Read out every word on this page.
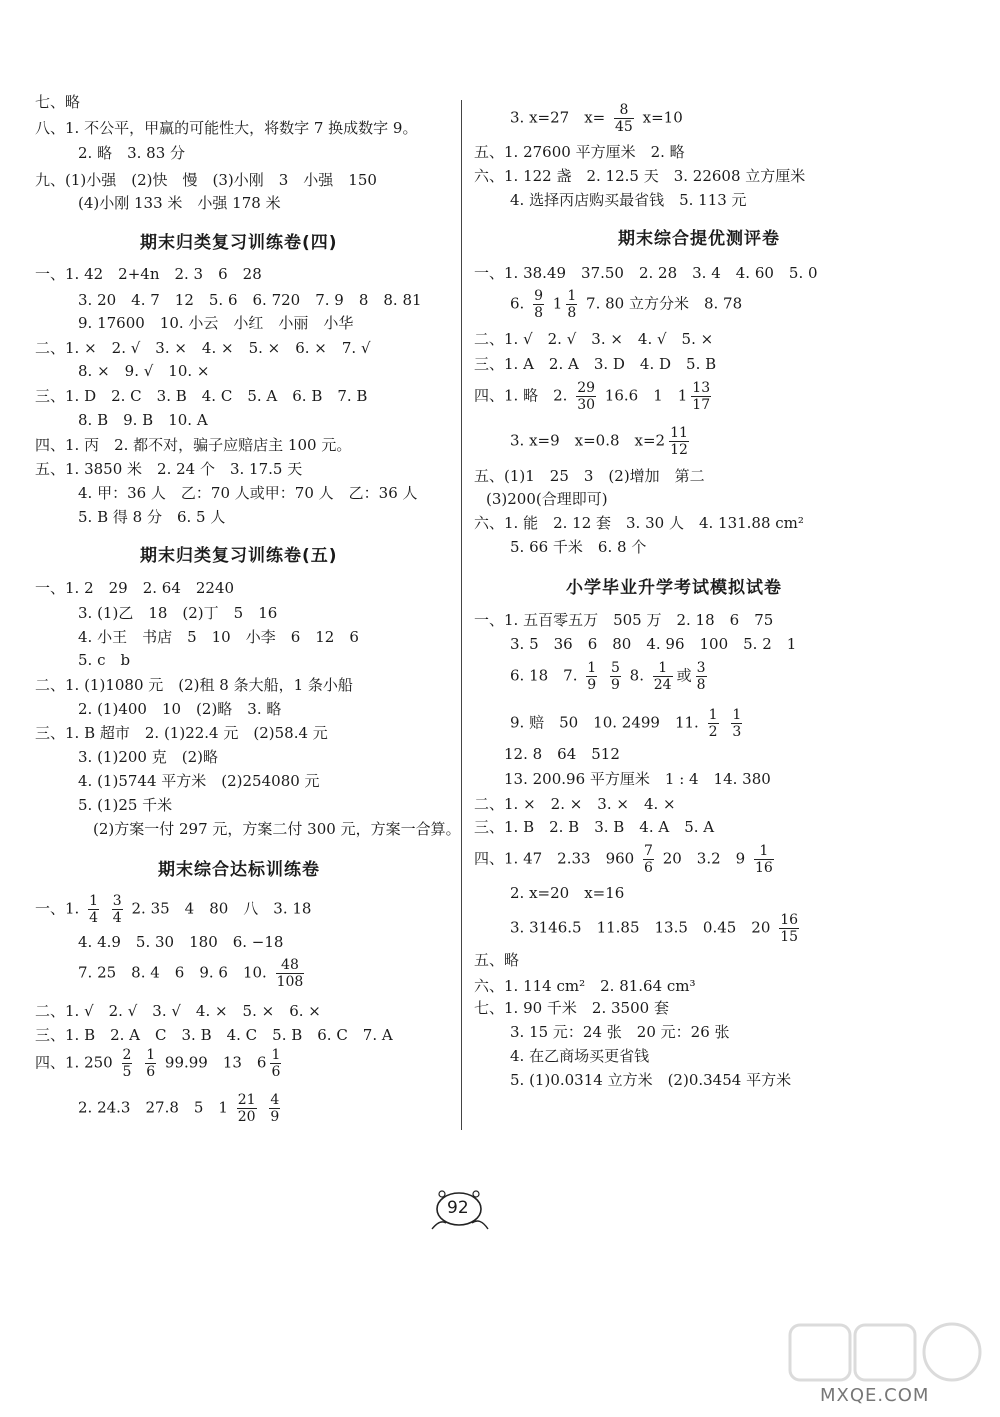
七、略
八、1. 不公平，甲赢的可能性大，将数字 7 换成数字 9。
2. 略　3. 83 分
九、(1)小强　(2)快　慢　(3)小刚　3　小强　150
(4)小刚 133 米　小强 178 米
期末归类复习训练卷(四)
一、1. 42　2+4n　2. 3　6　28
3. 20　4. 7　12　5. 6　6. 720　7. 9　8　8. 81
9. 17600　10. 小云　小红　小丽　小华
二、1. ×　2. √　3. ×　4. ×　5. ×　6. ×　7. √
8. ×　9. √　10. ×
三、1. D　2. C　3. B　4. C　5. A　6. B　7. B
8. B　9. B　10. A
四、1. 丙　2. 都不对，骗子应赔店主 100 元。
五、1. 3850 米　2. 24 个　3. 17.5 天
4. 甲：36 人　乙：70 人或甲：70 人　乙：36 人
5. B 得 8 分　6. 5 人
期末归类复习训练卷(五)
一、1. 2　29　2. 64　2240
3. (1)乙　18　(2)丁　5　16
4. 小王　书店　5　10　小李　6　12　6
5. c　b
二、1. (1)1080 元　(2)租 8 条大船，1 条小船
2. (1)400　10　(2)略　3. 略
三、1. B 超市　2. (1)22.4 元　(2)58.4 元
3. (1)200 克　(2)略
4. (1)5744 平方米　(2)254080 元
5. (1)25 千米
(2)方案一付 297 元，方案二付 300 元，方案一合算。
期末综合达标训练卷
一、1. $\frac{1}{4}$
$\frac{3}{4} 2$. 35　4　80　八　3. 18
4. 4.9　5. 30　180　6. −18
7. 25　8. 4　6　9. 6　10. $\frac{48}{108}$
二、1. √　2. √　3. √　4. ×　5. ×　6. ×
三、1. B　2. A　C　3. B　4. C　5. B　6. C　7. A
四、1. $250 \frac{2}{5}$
$\frac{1}{6} 99.99$　13　$6 \frac{1}{6}$
2. 24.3　27.8　5　$1 \frac{21}{20}$
$\frac{4}{9}$
3. x=27　$x= \frac{8}{45} x=10$
五、1. 27600 平方厘米　2. 略
六、1. 122 盏　2. 12.5 天　3. 22608 立方厘米
4. 选择丙店购买最省钱　5. 113 元
期末综合提优测评卷
一、1. 38.49　37.50　2. 28　3. 4　4. 60　5. 0
6. $\frac{9}{8} 1 \frac{1}{8} 7$. 80 立方分米　8. 78
二、1. √　2. √　3. ×　4. √　5. ×
三、1. A　2. A　3. D　4. D　5. B
四、1. 略　2. $\frac{29}{30} 16.6$　1　$1 \frac{13}{17}$
3. x=9　x=0.8　$x=2 \frac{11}{12}$
五、(1)1　25　3　(2)增加　第二
(3)200(合理即可)
六、1. 能　2. 12 套　3. 30 人　4. 131.88 cm²
5. 66 千米　6. 8 个
小学毕业升学考试模拟试卷
一、1. 五百零五万　505 万　2. 18　6　75
3. 5　36　6　80　4. 96　100　5. 2　1
6. 18　7. $\frac{1}{9}$
$\frac{5}{9} 8$. $\frac{1}{24}$ 或 $\frac{3}{8}$
9. 赔　50　10. 2499　11. $\frac{1}{2}$
$\frac{1}{3}$
12. 8　64　512
13. 200.96 平方厘米　1 : 4　14. 380
二、1. ×　2. ×　3. ×　4. ×
三、1. B　2. B　3. B　4. A　5. A
四、1. 47　2.33　$960 \frac{7}{6} 20$　3.2　$9 \frac{1}{16}$
2. x=20　x=16
3. 3146.5　11.85　13.5　0.45　$20 \frac{16}{15}$
五、略
六、1. 114 cm²　2. 81.64 cm³
七、1. 90 千米　2. 3500 套
3. 15 元：24 张　20 元：26 张
4. 在乙商场买更省钱
5. (1)0.0314 立方米　(2)0.3454 平方米
92
MXQE.COM
